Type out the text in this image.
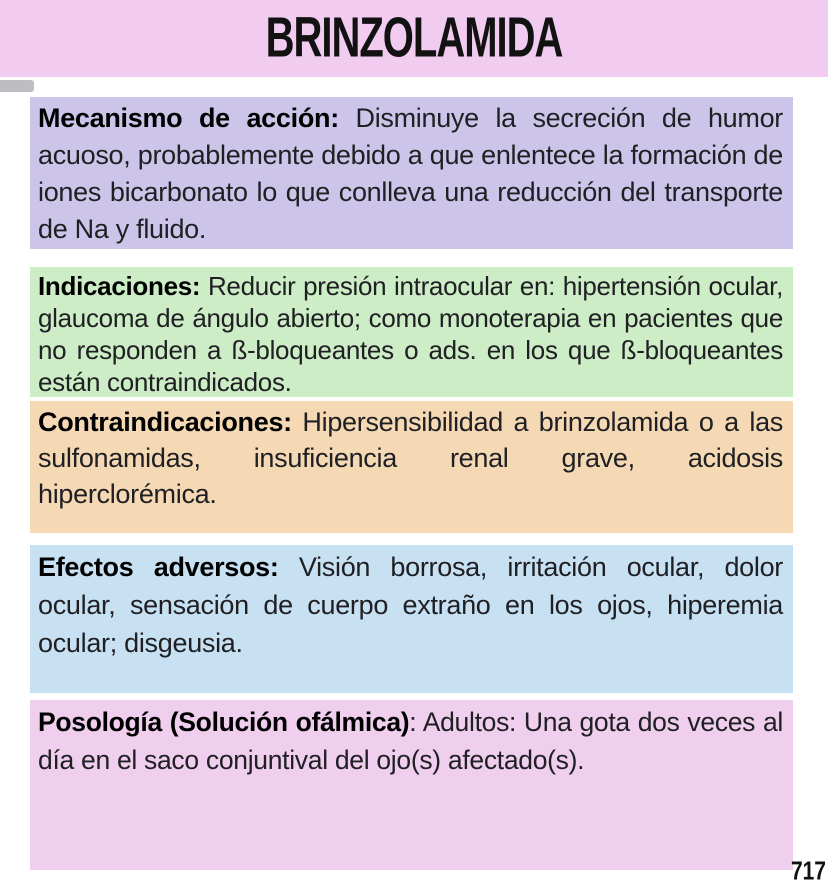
BRINZOLAMIDA

Mecanismo de acción: Disminuye la secreción de humor acuoso, probablemente debido a que enlentece la formación de iones bicarbonato lo que conlleva una reducción del transporte de Na y fluido.

Indicaciones: Reducir presión intraocular en: hipertensión ocular, glaucoma de ángulo abierto; como monoterapia en pacientes que no responden a ß-bloqueantes o ads. en los que ß-bloqueantes están contraindicados.

Contraindicaciones: Hipersensibilidad a brinzolamida o a las sulfonamidas, insuficiencia renal grave, acidosis hiperclorémica.

Efectos adversos: Visión borrosa, irritación ocular, dolor ocular, sensación de cuerpo extraño en los ojos, hiperemia ocular; disgeusia.

Posología (Solución ofálmica): Adultos: Una gota dos veces al día en el saco conjuntival del ojo(s) afectado(s).

717
